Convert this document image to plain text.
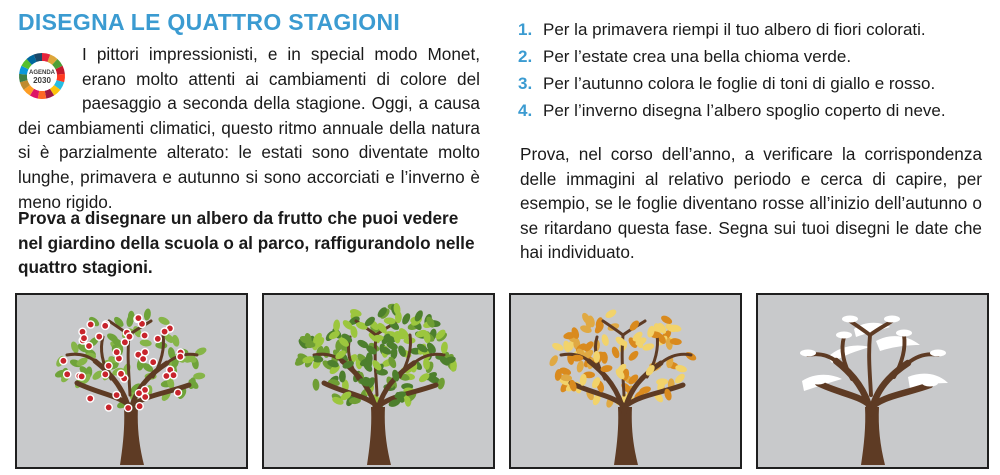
DISEGNA LE QUATTRO STAGIONI
AGENDA
2030

I pittori impressionisti, e in special modo Monet, erano molto attenti ai cambiamenti di colore del paesaggio a seconda della stagione. Oggi, a causa dei cambiamenti climatici, questo ritmo annuale della natura si è parzialmente alterato: le estati sono diventate molto lunghe, primavera e autunno si sono accorciati e l’inverno è meno rigido.

Prova a disegnare un albero da frutto che puoi vedere nel giardino della scuola o al parco, raffigurandolo nelle quattro stagioni.

1. Per la primavera riempi il tuo albero di fiori colorati.
2. Per l’estate crea una bella chioma verde.
3. Per l’autunno colora le foglie di toni di giallo e rosso.
4. Per l’inverno disegna l’albero spoglio coperto di neve.

Prova, nel corso dell’anno, a verificare la corrispondenza delle immagini al relativo periodo e cerca di capire, per esempio, se le foglie diventano rosse all’inizio dell’autunno o se ritardano questa fase. Segna sui tuoi disegni le date che hai individuato.
